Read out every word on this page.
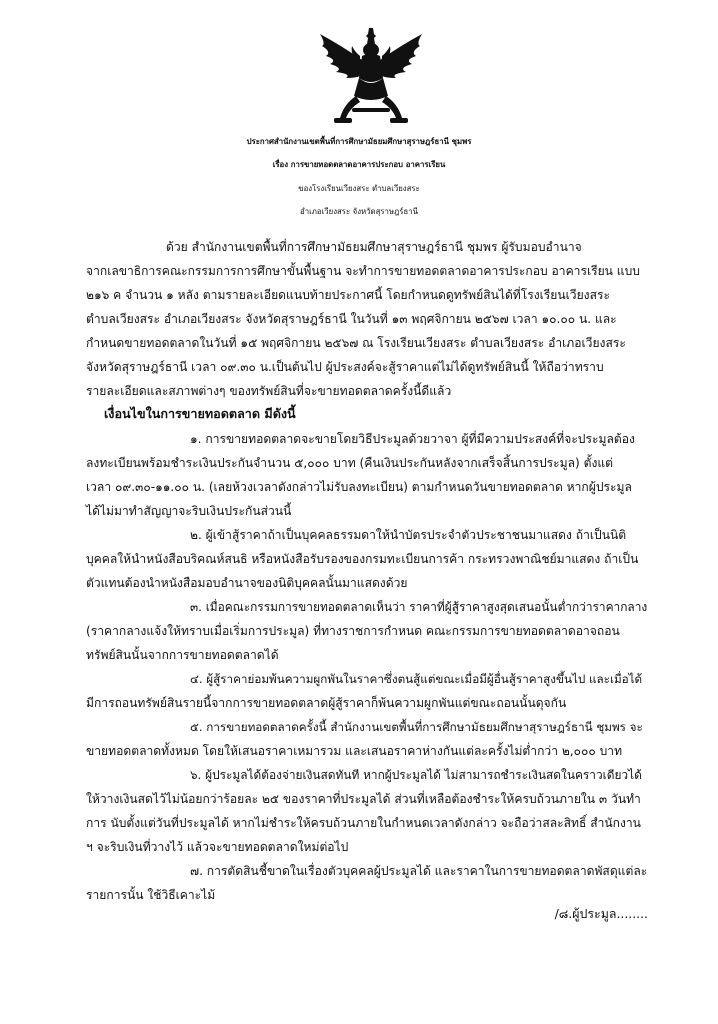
ประกาศสำนักงานเขตพื้นที่การศึกษามัธยมศึกษาสุราษฎร์ธานี ชุมพร
เรื่อง การขายทอดตลาดอาคารประกอบ อาคารเรียน
ของโรงเรียนเวียงสระ ตำบลเวียงสระ
อำเภอเวียงสระ จังหวัดสุราษฎร์ธานี
ด้วย สำนักงานเขตพื้นที่การศึกษามัธยมศึกษาสุราษฎร์ธานี ชุมพร ผู้รับมอบอำนาจ
จากเลขาธิการคณะกรรมการการศึกษาขั้นพื้นฐาน จะทำการขายทอดตลาดอาคารประกอบ อาคารเรียน แบบ
๒๑๖ ค จำนวน ๑ หลัง ตามรายละเอียดแนบท้ายประกาศนี้ โดยกำหนดดูทรัพย์สินได้ที่โรงเรียนเวียงสระ
ตำบลเวียงสระ อำเภอเวียงสระ จังหวัดสุราษฎร์ธานี ในวันที่ ๑๓ พฤศจิกายน ๒๕๖๗ เวลา ๑๐.๐๐ น. และ
กำหนดขายทอดตลาดในวันที่ ๑๕ พฤศจิกายน ๒๕๖๗ ณ โรงเรียนเวียงสระ ตำบลเวียงสระ อำเภอเวียงสระ
จังหวัดสุราษฎร์ธานี เวลา ๐๙.๓๐ น.เป็นต้นไป ผู้ประสงค์จะสู้ราคาแต่ไม่ได้ดูทรัพย์สินนี้ ให้ถือว่าทราบ
รายละเอียดและสภาพต่างๆ ของทรัพย์สินที่จะขายทอดตลาดครั้งนี้ดีแล้ว
เงื่อนไขในการขายทอดตลาด มีดังนี้
๑. การขายทอดตลาดจะขายโดยวิธีประมูลด้วยวาจา ผู้ที่มีความประสงค์ที่จะประมูลต้อง
ลงทะเบียนพร้อมชำระเงินประกันจำนวน ๕,๐๐๐ บาท (คืนเงินประกันหลังจากเสร็จสิ้นการประมูล) ตั้งแต่
เวลา ๐๙.๓๐-๑๑.๐๐ น. (เลยห้วงเวลาดังกล่าวไม่รับลงทะเบียน) ตามกำหนดวันขายทอดตลาด หากผู้ประมูล
ได้ไม่มาทำสัญญาจะริบเงินประกันส่วนนี้
๒. ผู้เข้าสู้ราคาถ้าเป็นบุคคลธรรมดาให้นำบัตรประจำตัวประชาชนมาแสดง ถ้าเป็นนิติ
บุคคลให้นำหนังสือบริคณห์สนธิ หรือหนังสือรับรองของกรมทะเบียนการค้า กระทรวงพาณิชย์มาแสดง ถ้าเป็น
ตัวแทนต้องนำหนังสือมอบอำนาจของนิติบุคคลนั้นมาแสดงด้วย
๓. เมื่อคณะกรรมการขายทอดตลาดเห็นว่า ราคาที่ผู้สู้ราคาสูงสุดเสนอนั้นต่ำกว่าราคากลาง
(ราคากลางแจ้งให้ทราบเมื่อเริ่มการประมูล) ที่ทางราชการกำหนด คณะกรรมการขายทอดตลาดอาจถอน
ทรัพย์สินนั้นจากการขายทอดตลาดได้
๔. ผู้สู้ราคาย่อมพ้นความผูกพันในราคาซึ่งตนสู้แต่ขณะเมื่อมีผู้อื่นสู้ราคาสูงขึ้นไป และเมื่อได้
มีการถอนทรัพย์สินรายนี้จากการขายทอดตลาดผู้สู้ราคาก็พ้นความผูกพันแต่ขณะถอนนั้นดุจกัน
๕. การขายทอดตลาดครั้งนี้ สำนักงานเขตพื้นที่การศึกษามัธยมศึกษาสุราษฎร์ธานี ชุมพร จะ
ขายทอดตลาดทั้งหมด โดยให้เสนอราคาเหมารวม และเสนอราคาห่างกันแต่ละครั้งไม่ต่ำกว่า ๒,๐๐๐ บาท
๖. ผู้ประมูลได้ต้องจ่ายเงินสดทันที หากผู้ประมูลได้ ไม่สามารถชำระเงินสดในคราวเดียวได้
ให้วางเงินสดไว้ไม่น้อยกว่าร้อยละ ๒๕ ของราคาที่ประมูลได้ ส่วนที่เหลือต้องชำระให้ครบถ้วนภายใน ๓ วันทำ
การ นับตั้งแต่วันที่ประมูลได้ หากไม่ชำระให้ครบถ้วนภายในกำหนดเวลาดังกล่าว จะถือว่าสละสิทธิ์ สำนักงาน
ฯ จะริบเงินที่วางไว้ แล้วจะขายทอดตลาดใหม่ต่อไป
๗. การตัดสินชี้ขาดในเรื่องตัวบุคคลผู้ประมูลได้ และราคาในการขายทอดตลาดพัสดุแต่ละ
รายการนั้น ใช้วิธีเคาะไม้
/๘.ผู้ประมูล........
